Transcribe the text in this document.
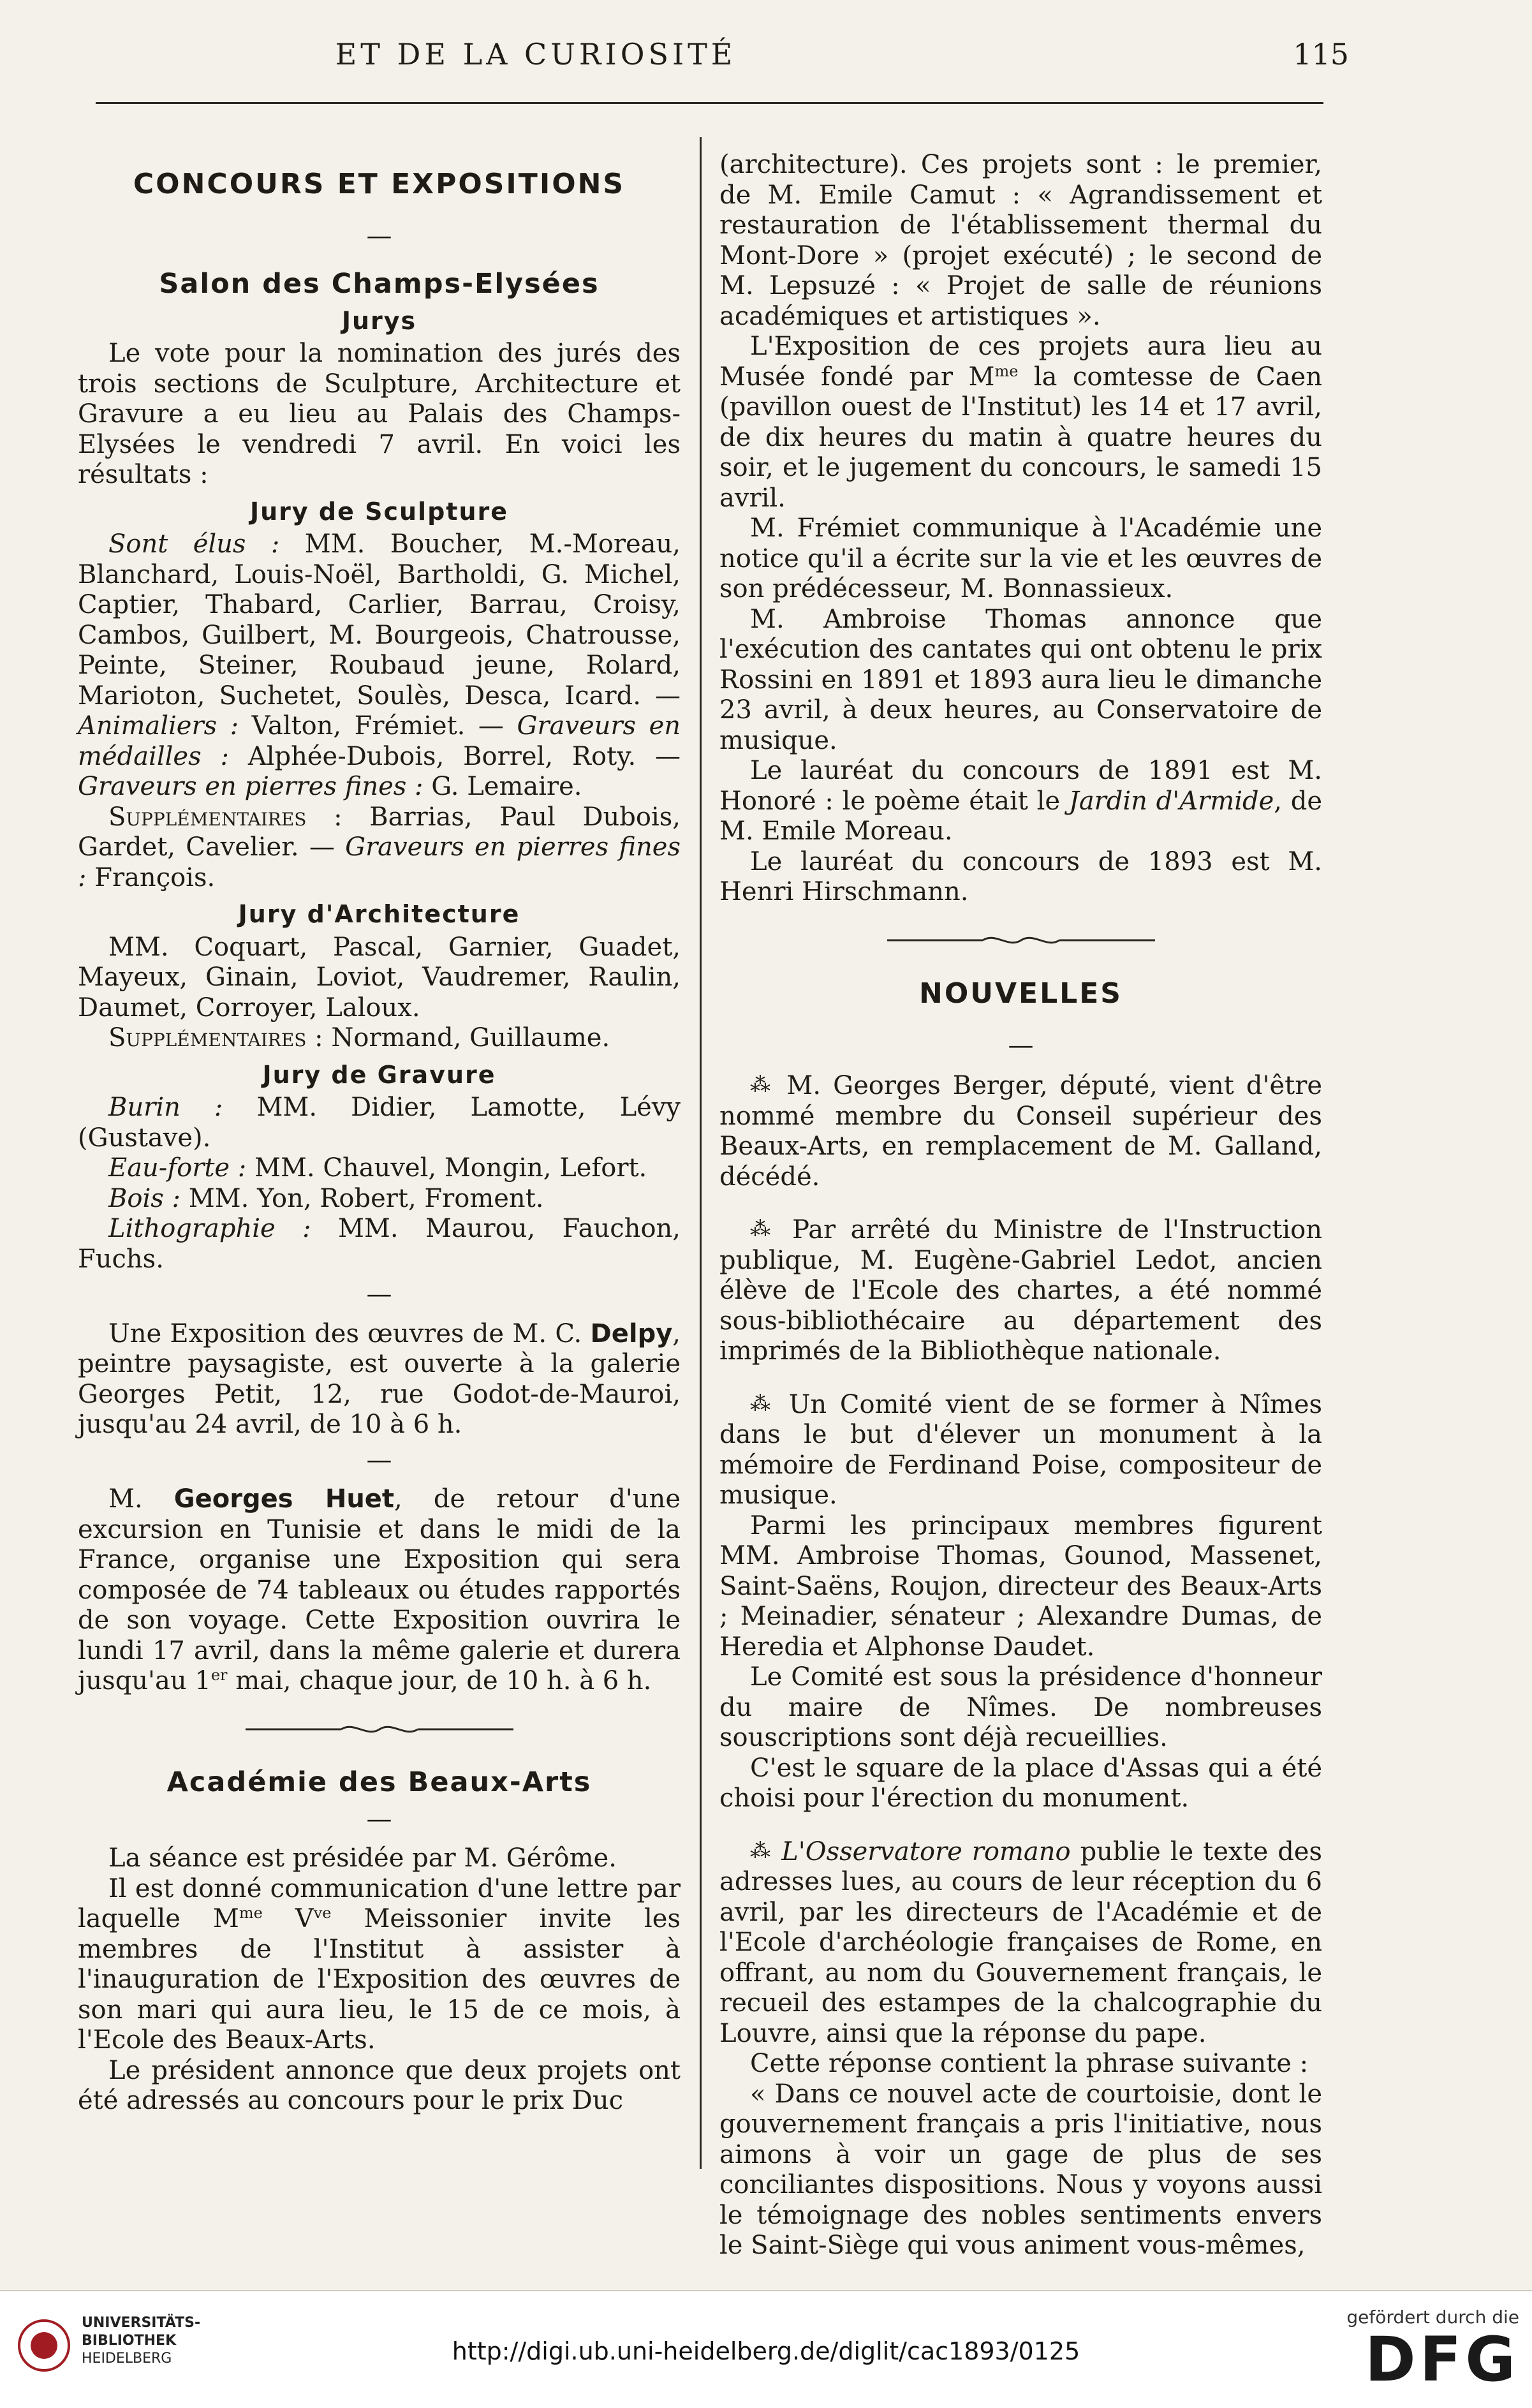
ET DE LA CURIOSITÉ	115
CONCOURS ET EXPOSITIONS
—
Salon des Champs-Elysées
Jurys

Le vote pour la nomination des jurés des trois sections de Sculpture, Architecture et Gravure a eu lieu au Palais des Champs-Elysées le vendredi 7 avril. En voici les résultats :

Jury de Sculpture

Sont élus : MM. Boucher, M.-Moreau, Blanchard, Louis-Noël, Bartholdi, G. Michel, Captier, Thabard, Carlier, Barrau, Croisy, Cambos, Guilbert, M. Bourgeois, Chatrousse, Peinte, Steiner, Roubaud jeune, Rolard, Marioton, Suchetet, Soulès, Desca, Icard. — Animaliers : Valton, Frémiet. — Graveurs en médailles : Alphée-Dubois, Borrel, Roty. — Graveurs en pierres fines : G. Lemaire.

Supplémentaires : Barrias, Paul Dubois, Gardet, Cavelier. — Graveurs en pierres fines : François.

Jury d'Architecture

MM. Coquart, Pascal, Garnier, Guadet, Mayeux, Ginain, Loviot, Vaudremer, Raulin, Daumet, Corroyer, Laloux.

Supplémentaires : Normand, Guillaume.

Jury de Gravure

Burin : MM. Didier, Lamotte, Lévy (Gustave).

Eau-forte : MM. Chauvel, Mongin, Lefort.

Bois : MM. Yon, Robert, Froment.

Lithographie : MM. Maurou, Fauchon, Fuchs.

—

Une Exposition des œuvres de M. C. Delpy, peintre paysagiste, est ouverte à la galerie Georges Petit, 12, rue Godot-de-Mauroi, jusqu'au 24 avril, de 10 à 6 h.

—

M. Georges Huet, de retour d'une excursion en Tunisie et dans le midi de la France, organise une Exposition qui sera composée de 74 tableaux ou études rapportés de son voyage. Cette Exposition ouvrira le lundi 17 avril, dans la même galerie et durera jusqu'au 1er mai, chaque jour, de 10 h. à 6 h.

Académie des Beaux-Arts
—

La séance est présidée par M. Gérôme.

Il est donné communication d'une lettre par laquelle $M^{me}$ $V^{ve}$ Meissonier invite les membres de l'Institut à assister à l'inauguration de l'Exposition des œuvres de son mari qui aura lieu, le 15 de ce mois, à l'Ecole des Beaux-Arts.

Le président annonce que deux projets ont été adressés au concours pour le prix Duc

(architecture). Ces projets sont : le premier, de M. Emile Camut : « Agrandissement et restauration de l'établissement thermal du Mont-Dore » (projet exécuté) ; le second de M. Lepsuzé : « Projet de salle de réunions académiques et artistiques ».

L'Exposition de ces projets aura lieu au Musée fondé par $M^{me}$ la comtesse de Caen (pavillon ouest de l'Institut) les 14 et 17 avril, de dix heures du matin à quatre heures du soir, et le jugement du concours, le samedi 15 avril.

M. Frémiet communique à l'Académie une notice qu'il a écrite sur la vie et les œuvres de son prédécesseur, M. Bonnassieux.

M. Ambroise Thomas annonce que l'exécution des cantates qui ont obtenu le prix Rossini en 1891 et 1893 aura lieu le dimanche 23 avril, à deux heures, au Conservatoire de musique.

Le lauréat du concours de 1891 est M. Honoré : le poème était le Jardin d'Armide, de M. Emile Moreau.

Le lauréat du concours de 1893 est M. Henri Hirschmann.

NOUVELLES
—

⁂ M. Georges Berger, député, vient d'être nommé membre du Conseil supérieur des Beaux-Arts, en remplacement de M. Galland, décédé.

⁂ Par arrêté du Ministre de l'Instruction publique, M. Eugène-Gabriel Ledot, ancien élève de l'Ecole des chartes, a été nommé sous-bibliothécaire au département des imprimés de la Bibliothèque nationale.

⁂ Un Comité vient de se former à Nîmes dans le but d'élever un monument à la mémoire de Ferdinand Poise, compositeur de musique.

Parmi les principaux membres figurent MM. Ambroise Thomas, Gounod, Massenet, Saint-Saëns, Roujon, directeur des Beaux-Arts ; Meinadier, sénateur ; Alexandre Dumas, de Heredia et Alphonse Daudet.

Le Comité est sous la présidence d'honneur du maire de Nîmes. De nombreuses souscriptions sont déjà recueillies.

C'est le square de la place d'Assas qui a été choisi pour l'érection du monument.

⁂ L'Osservatore romano publie le texte des adresses lues, au cours de leur réception du 6 avril, par les directeurs de l'Académie et de l'Ecole d'archéologie françaises de Rome, en offrant, au nom du Gouvernement français, le recueil des estampes de la chalcographie du Louvre, ainsi que la réponse du pape.

Cette réponse contient la phrase suivante :

« Dans ce nouvel acte de courtoisie, dont le gouvernement français a pris l'initiative, nous aimons à voir un gage de plus de ses conciliantes dispositions. Nous y voyons aussi le témoignage des nobles sentiments envers le Saint-Siège qui vous animent vous-mêmes,

UNIVERSITÄTS-
BIBLIOTHEK
HEIDELBERG	http://digi.ub.uni-heidelberg.de/diglit/cac1893/0125
gefördert durch die
DFG
